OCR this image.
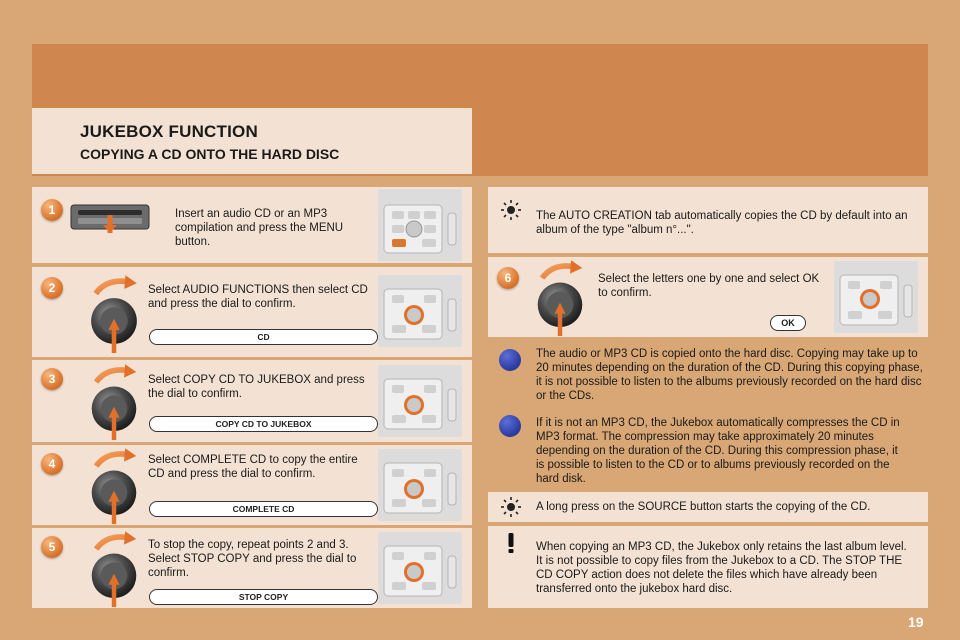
JUKEBOX FUNCTION
COPYING A CD ONTO THE HARD DISC
1	Insert an audio CD or an MP3 compilation and press the MENU button.
2	Select AUDIO FUNCTIONS then select CD and press the dial to confirm.
CD
3	Select COPY CD TO JUKEBOX and press the dial to confirm.
COPY CD TO JUKEBOX
4	Select COMPLETE CD to copy the entire CD and press the dial to confirm.
COMPLETE CD
5	To stop the copy, repeat points 2 and 3. Select STOP COPY and press the dial to confirm.
STOP COPY
The AUTO CREATION tab automatically copies the CD by default into an album of the type "album n°...".
6	Select the letters one by one and select OK to confirm.
OK
The audio or MP3 CD is copied onto the hard disc. Copying may take up to 20 minutes depending on the duration of the CD. During this copying phase, it is not possible to listen to the albums previously recorded on the hard disc or the CDs.
If it is not an MP3 CD, the Jukebox automatically compresses the CD in MP3 format. The compression may take approximately 20 minutes depending on the duration of the CD. During this compression phase, it is possible to listen to the CD or to albums previously recorded on the hard disk.
A long press on the SOURCE button starts the copying of the CD.
When copying an MP3 CD, the Jukebox only retains the last album level. It is not possible to copy files from the Jukebox to a CD. The STOP THE CD COPY action does not delete the files which have already been transferred onto the jukebox hard disc.
19
